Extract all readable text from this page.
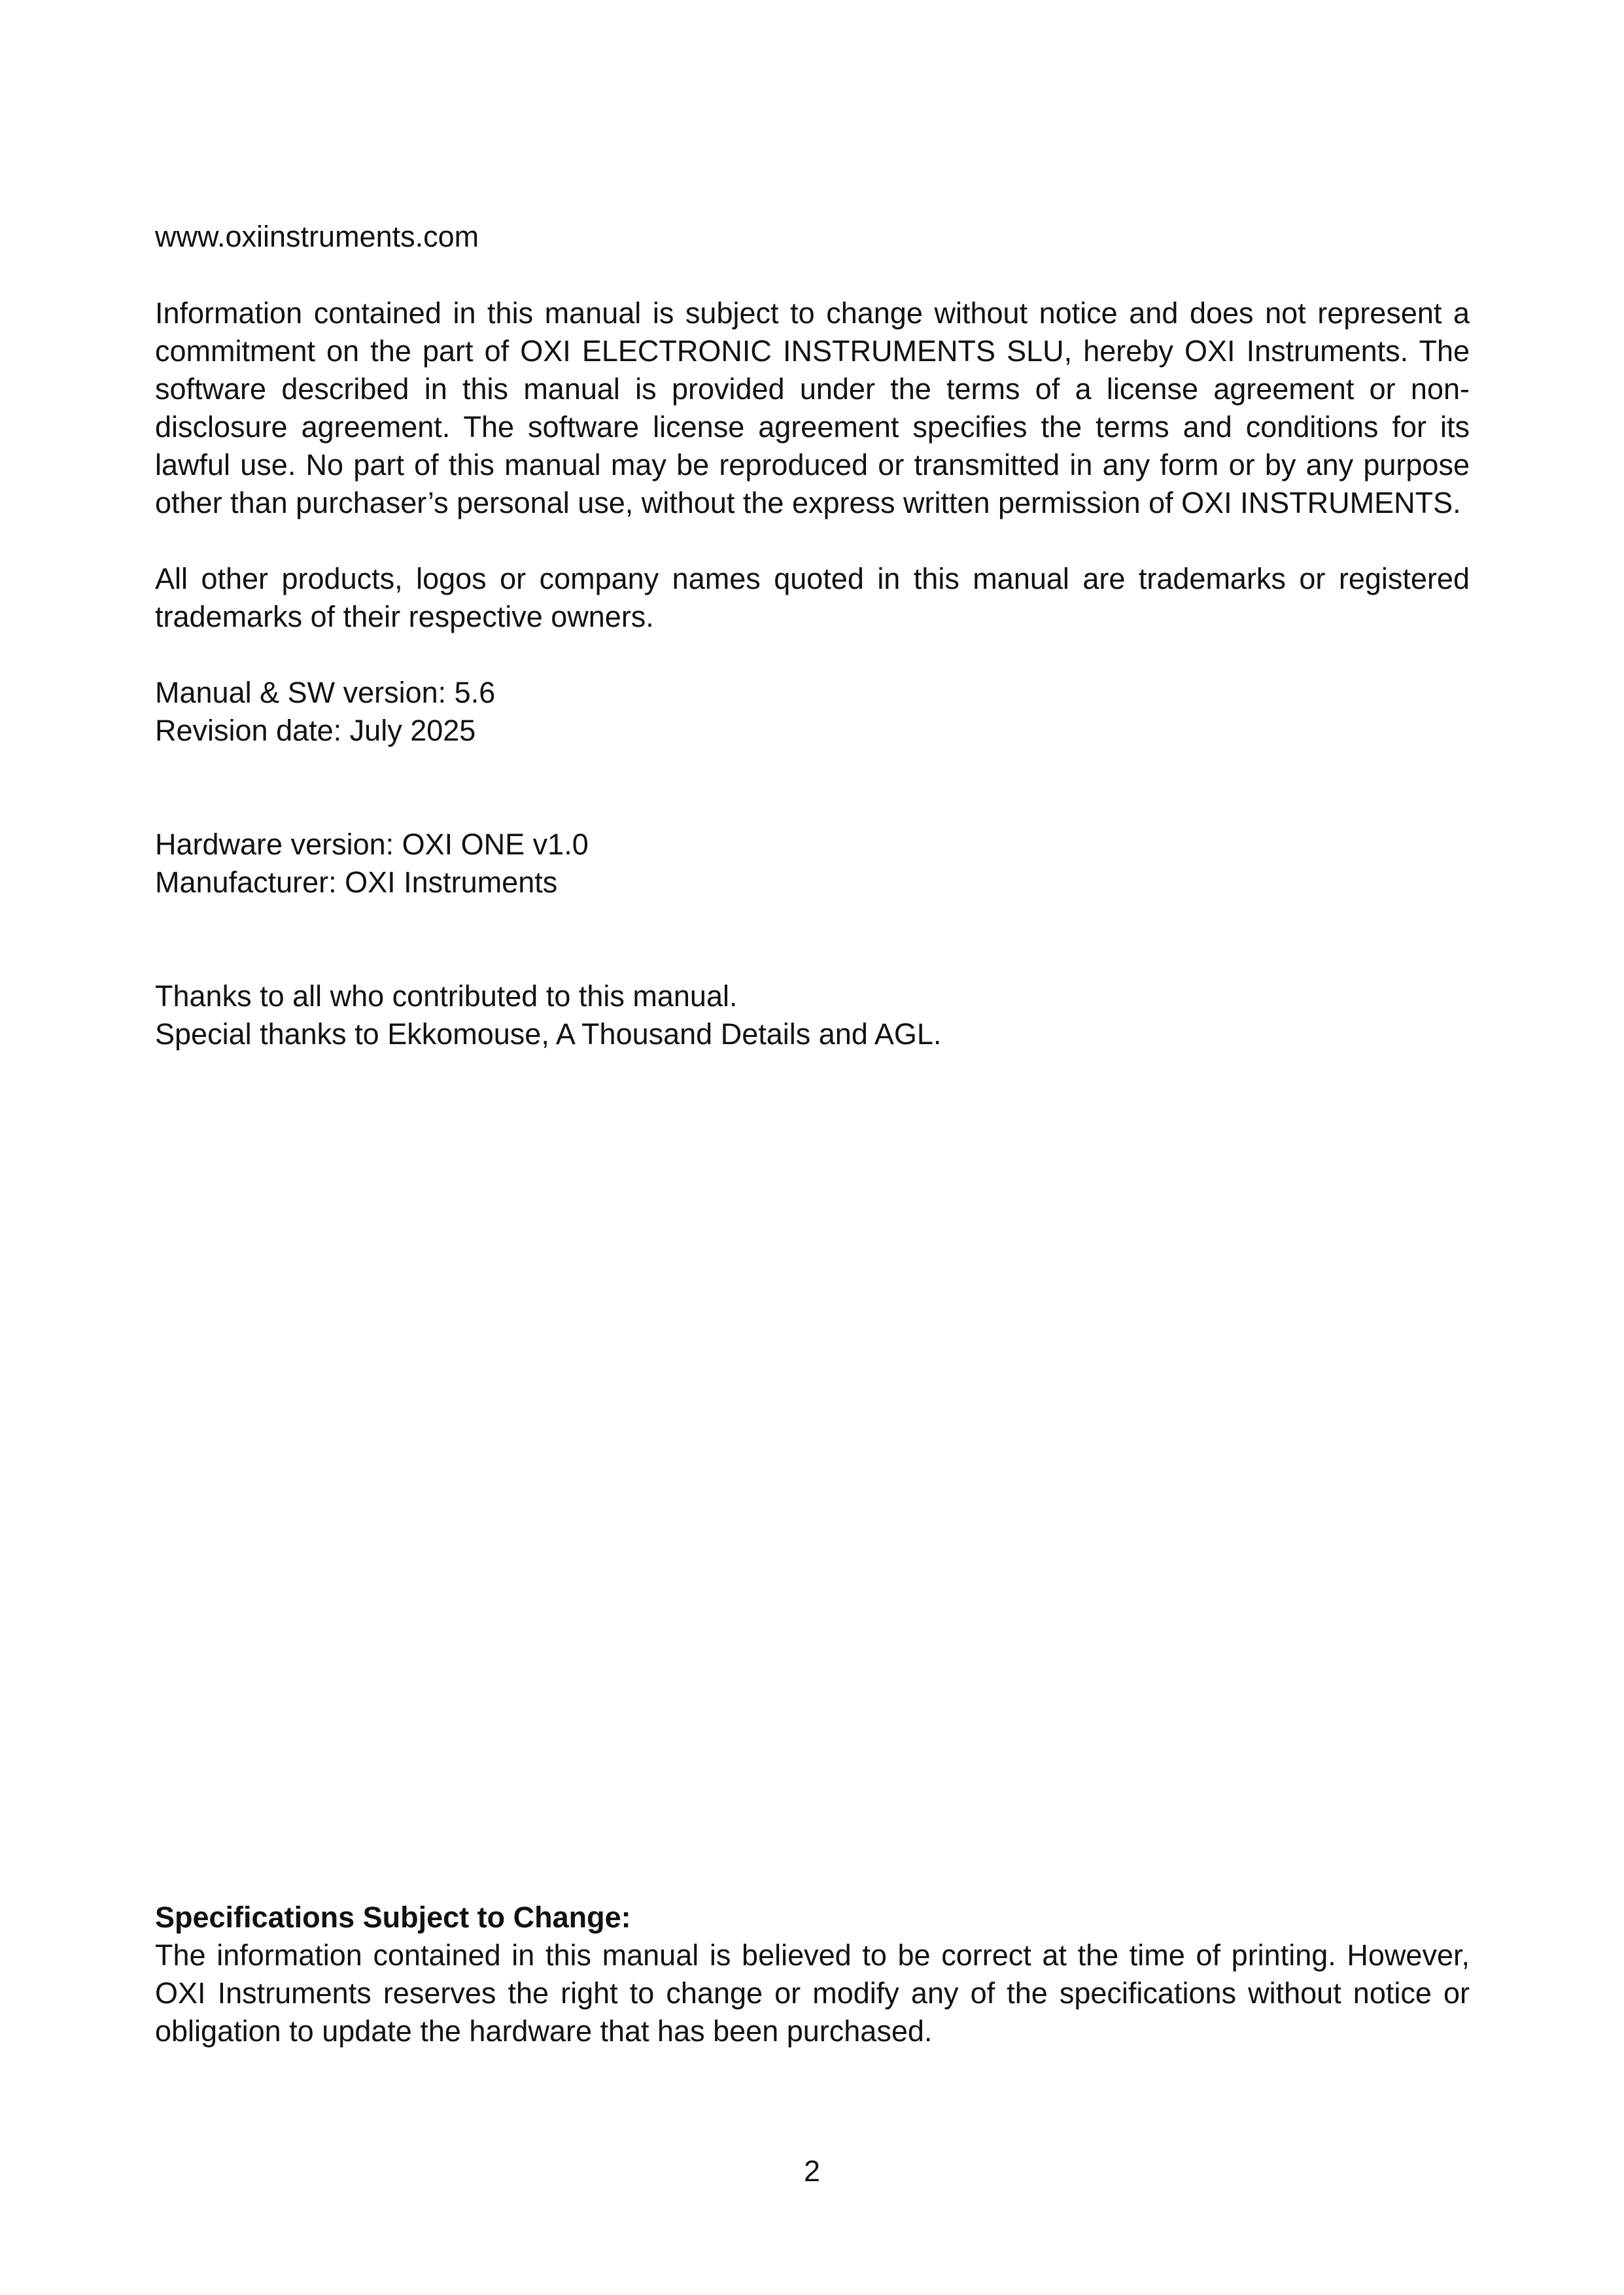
www.oxiinstruments.com

Information contained in this manual is subject to change without notice and does not represent a commitment on the part of OXI ELECTRONIC INSTRUMENTS SLU, hereby OXI Instruments. The software described in this manual is provided under the terms of a license agreement or non-disclosure agreement. The software license agreement specifies the terms and conditions for its lawful use. No part of this manual may be reproduced or transmitted in any form or by any purpose other than purchaser’s personal use, without the express written permission of OXI INSTRUMENTS.

All other products, logos or company names quoted in this manual are trademarks or registered trademarks of their respective owners.

Manual & SW version: 5.6
Revision date: July 2025
Hardware version: OXI ONE v1.0
Manufacturer: OXI Instruments
Thanks to all who contributed to this manual.
Special thanks to Ekkomouse, A Thousand Details and AGL.
Specifications Subject to Change:
The information contained in this manual is believed to be correct at the time of printing. However, OXI Instruments reserves the right to change or modify any of the specifications without notice or obligation to update the hardware that has been purchased.
2
